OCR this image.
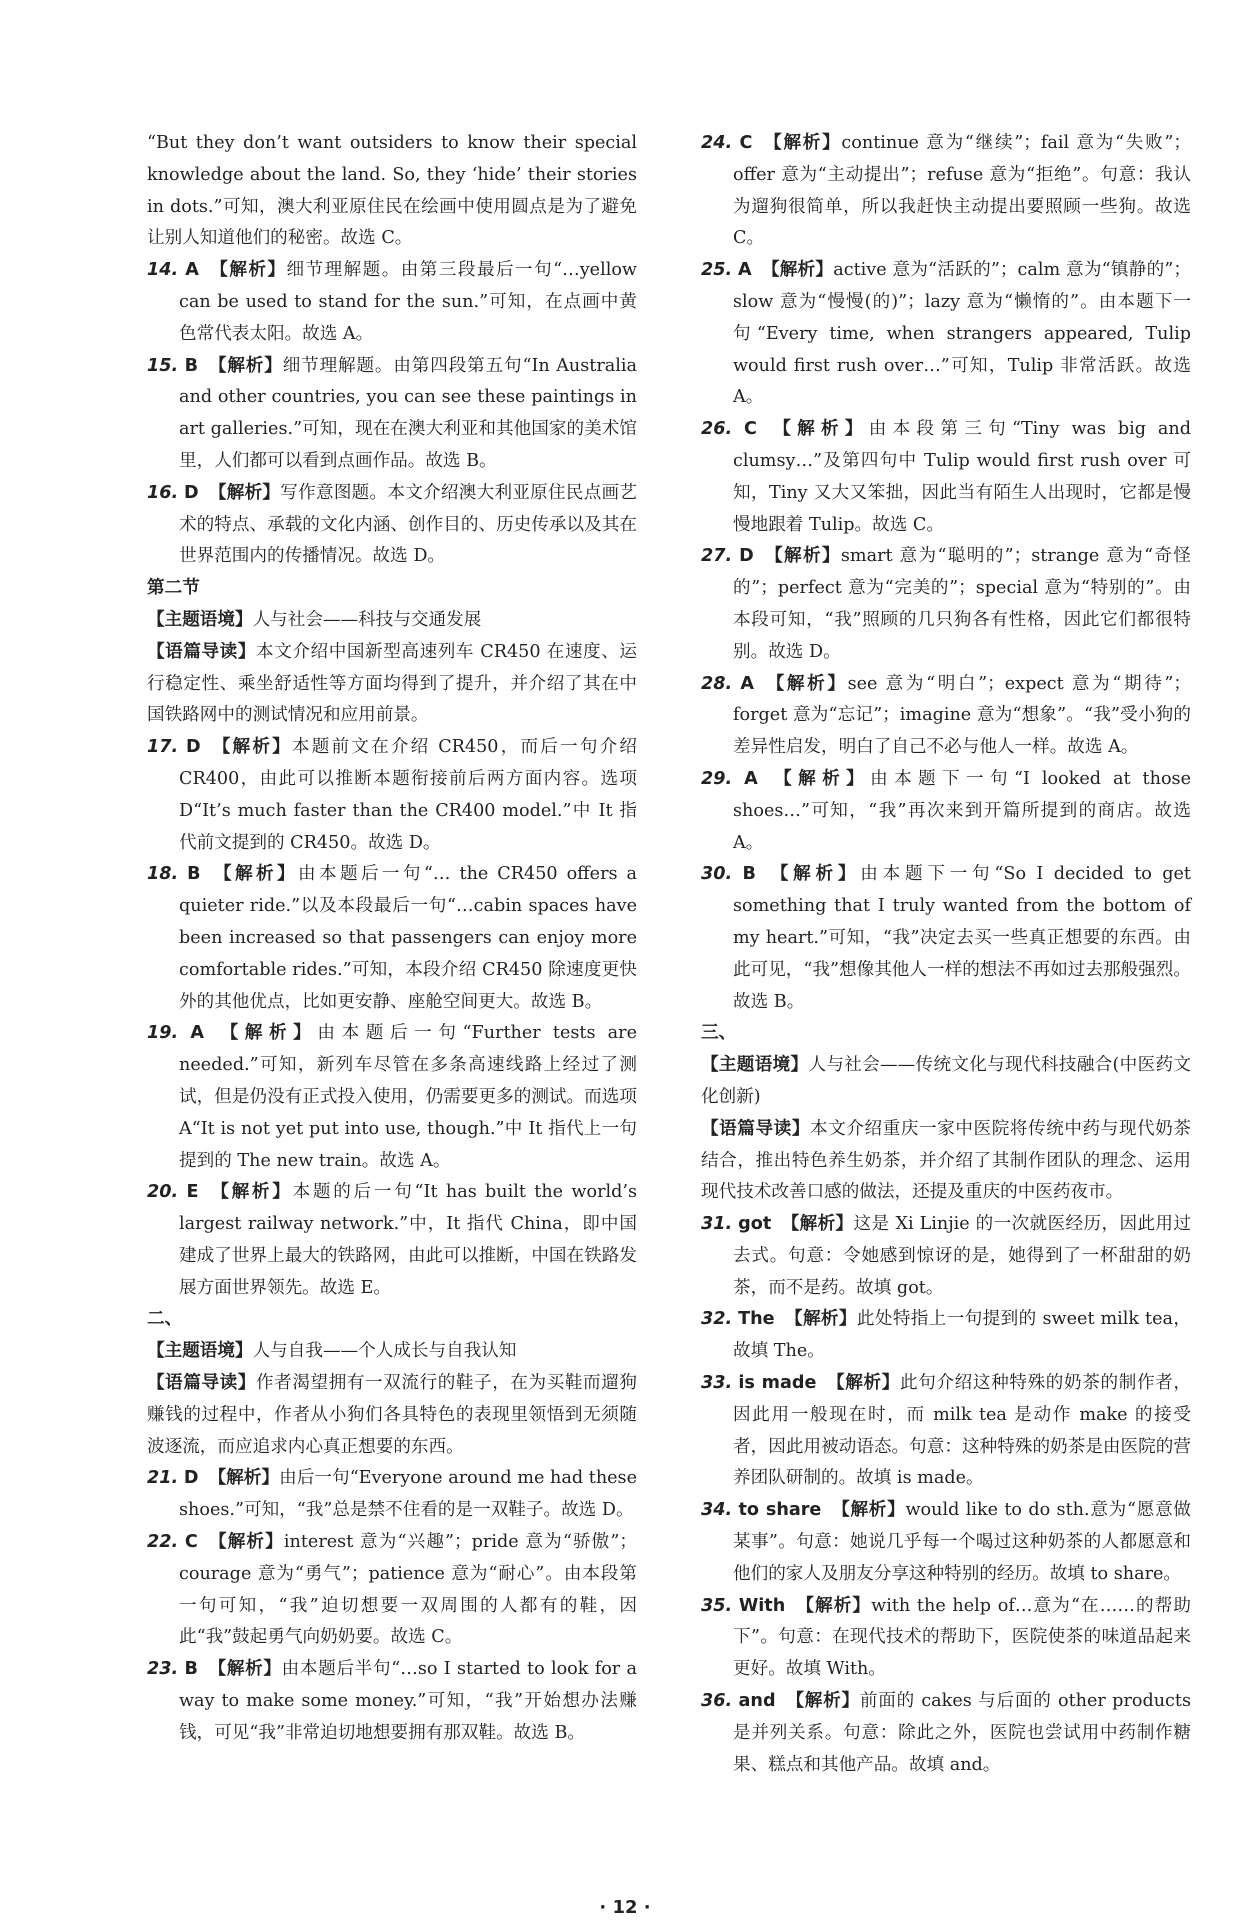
“But they don’t want outsiders to know their special knowledge about the land. So, they ‘hide’ their stories in dots.”可知，澳大利亚原住民在绘画中使用圆点是为了避免让别人知道他们的秘密。故选 C。

14. A 【解析】细节理解题。由第三段最后一句“…yellow can be used to stand for the sun.”可知，在点画中黄色常代表太阳。故选 A。

15. B 【解析】细节理解题。由第四段第五句“In Australia and other countries, you can see these paintings in art galleries.”可知，现在在澳大利亚和其他国家的美术馆里，人们都可以看到点画作品。故选 B。

16. D 【解析】写作意图题。本文介绍澳大利亚原住民点画艺术的特点、承载的文化内涵、创作目的、历史传承以及其在世界范围内的传播情况。故选 D。

第二节

【主题语境】人与社会——科技与交通发展

【语篇导读】本文介绍中国新型高速列车 CR450 在速度、运行稳定性、乘坐舒适性等方面均得到了提升，并介绍了其在中国铁路网中的测试情况和应用前景。

17. D 【解析】本题前文在介绍 CR450，而后一句介绍 CR400，由此可以推断本题衔接前后两方面内容。选项 D“It’s much faster than the CR400 model.”中 It 指代前文提到的 CR450。故选 D。

18. B 【解析】由本题后一句“… the CR450 offers a quieter ride.”以及本段最后一句“…cabin spaces have been increased so that passengers can enjoy more comfortable rides.”可知，本段介绍 CR450 除速度更快外的其他优点，比如更安静、座舱空间更大。故选 B。

19. A 【解析】由本题后一句“Further tests are needed.”可知，新列车尽管在多条高速线路上经过了测试，但是仍没有正式投入使用，仍需要更多的测试。而选项 A“It is not yet put into use, though.”中 It 指代上一句提到的 The new train。故选 A。

20. E 【解析】本题的后一句“It has built the world’s largest railway network.”中，It 指代 China，即中国建成了世界上最大的铁路网，由此可以推断，中国在铁路发展方面世界领先。故选 E。

二、

【主题语境】人与自我——个人成长与自我认知

【语篇导读】作者渴望拥有一双流行的鞋子，在为买鞋而遛狗赚钱的过程中，作者从小狗们各具特色的表现里领悟到无须随波逐流，而应追求内心真正想要的东西。

21. D 【解析】由后一句“Everyone around me had these shoes.”可知，“我”总是禁不住看的是一双鞋子。故选 D。

22. C 【解析】interest 意为“兴趣”；pride 意为“骄傲”；courage 意为“勇气”；patience 意为“耐心”。由本段第一句可知，“我”迫切想要一双周围的人都有的鞋，因此“我”鼓起勇气向奶奶要。故选 C。

23. B 【解析】由本题后半句“…so I started to look for a way to make some money.”可知，“我”开始想办法赚钱，可见“我”非常迫切地想要拥有那双鞋。故选 B。

24. C 【解析】continue 意为“继续”；fail 意为“失败”；offer 意为“主动提出”；refuse 意为“拒绝”。句意：我认为遛狗很简单，所以我赶快主动提出要照顾一些狗。故选 C。

25. A 【解析】active 意为“活跃的”；calm 意为“镇静的”；slow 意为“慢慢(的)”；lazy 意为“懒惰的”。由本题下一句“Every time, when strangers appeared, Tulip would first rush over…”可知，Tulip 非常活跃。故选 A。

26. C 【解析】由本段第三句“Tiny was big and clumsy…”及第四句中 Tulip would first rush over 可知，Tiny 又大又笨拙，因此当有陌生人出现时，它都是慢慢地跟着 Tulip。故选 C。

27. D 【解析】smart 意为“聪明的”；strange 意为“奇怪的”；perfect 意为“完美的”；special 意为“特别的”。由本段可知，“我”照顾的几只狗各有性格，因此它们都很特别。故选 D。

28. A 【解析】see 意为“明白”；expect 意为“期待”；forget 意为“忘记”；imagine 意为“想象”。“我”受小狗的差异性启发，明白了自己不必与他人一样。故选 A。

29. A 【解析】由本题下一句“I looked at those shoes…”可知，“我”再次来到开篇所提到的商店。故选 A。

30. B 【解析】由本题下一句“So I decided to get something that I truly wanted from the bottom of my heart.”可知，“我”决定去买一些真正想要的东西。由此可见，“我”想像其他人一样的想法不再如过去那般强烈。故选 B。

三、

【主题语境】人与社会——传统文化与现代科技融合(中医药文化创新)

【语篇导读】本文介绍重庆一家中医院将传统中药与现代奶茶结合，推出特色养生奶茶，并介绍了其制作团队的理念、运用现代技术改善口感的做法，还提及重庆的中医药夜市。

31. got 【解析】这是 Xi Linjie 的一次就医经历，因此用过去式。句意：令她感到惊讶的是，她得到了一杯甜甜的奶茶，而不是药。故填 got。

32. The 【解析】此处特指上一句提到的 sweet milk tea，故填 The。

33. is made 【解析】此句介绍这种特殊的奶茶的制作者，因此用一般现在时，而 milk tea 是动作 make 的接受者，因此用被动语态。句意：这种特殊的奶茶是由医院的营养团队研制的。故填 is made。

34. to share 【解析】would like to do sth.意为“愿意做某事”。句意：她说几乎每一个喝过这种奶茶的人都愿意和他们的家人及朋友分享这种特别的经历。故填 to share。

35. With 【解析】with the help of…意为“在……的帮助下”。句意：在现代技术的帮助下，医院使茶的味道品起来更好。故填 With。

36. and 【解析】前面的 cakes 与后面的 other products 是并列关系。句意：除此之外，医院也尝试用中药制作糖果、糕点和其他产品。故填 and。

· 12 ·
